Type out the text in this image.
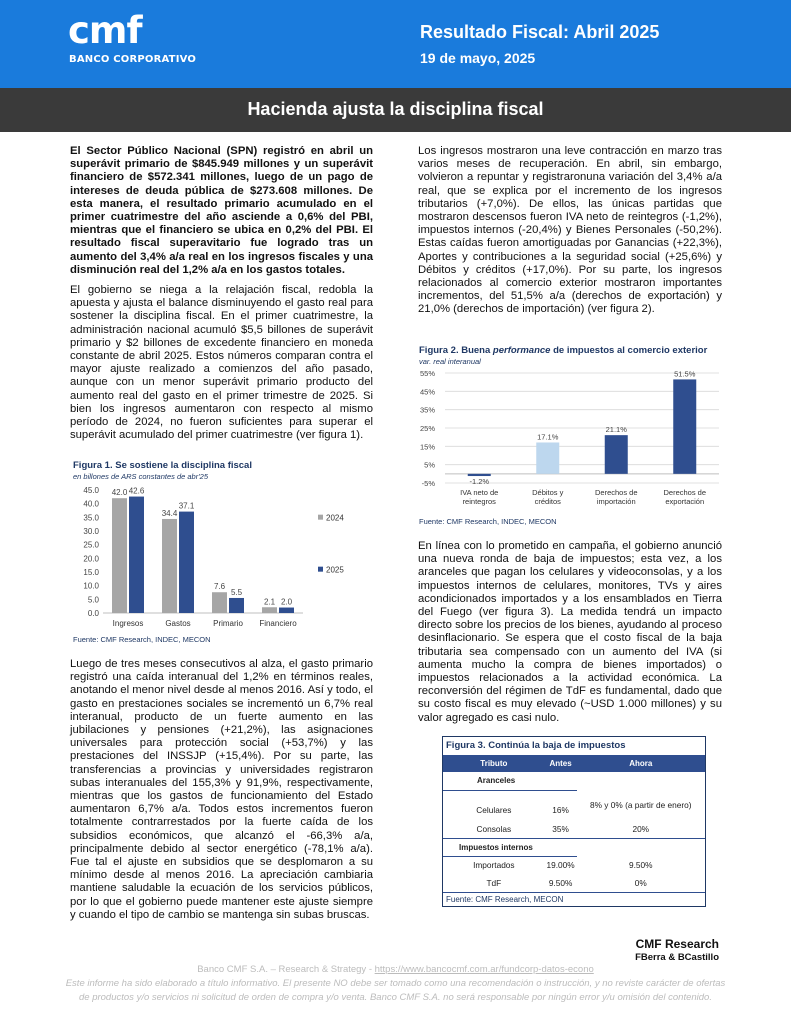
cmf
BANCO CORPORATIVO
Resultado Fiscal: Abril 2025
19 de mayo, 2025
Hacienda ajusta la disciplina fiscal

El Sector Público Nacional (SPN) registró en abril un superávit primario de $845.949 millones y un superávit financiero de $572.341 millones, luego de un pago de intereses de deuda pública de $273.608 millones. De esta manera, el resultado primario acumulado en el primer cuatrimestre del año asciende a 0,6% del PBI, mientras que el financiero se ubica en 0,2% del PBI. El resultado fiscal superavitario fue logrado tras un aumento del 3,4% a/a real en los ingresos fiscales y una disminución real del 1,2% a/a en los gastos totales.

El gobierno se niega a la relajación fiscal, redobla la apuesta y ajusta el balance disminuyendo el gasto real para sostener la disciplina fiscal. En el primer cuatrimestre, la administración nacional acumuló $5,5 billones de superávit primario y $2 billones de excedente financiero en moneda constante de abril 2025. Estos números comparan contra el mayor ajuste realizado a comienzos del año pasado, aunque con un menor superávit primario producto del aumento real del gasto en el primer trimestre de 2025. Si bien los ingresos aumentaron con respecto al mismo período de 2024, no fueron suficientes para superar el superávit acumulado del primer cuatrimestre (ver figura 1).

Figura 1. Se sostiene la disciplina fiscal
en billones de ARS constantes de abr'25
0.0
5.0
10.0
15.0
20.0
25.0
30.0
35.0
40.0
45.0 42.0 42.6
Ingresos
34.4
37.1
Gastos
7.6
5.5
Primario
2.1 2.0
Financiero
2024
2025
Fuente: CMF Research, INDEC, MECON

Luego de tres meses consecutivos al alza, el gasto primario registró una caída interanual del 1,2% en términos reales, anotando el menor nivel desde al menos 2016. Así y todo, el gasto en prestaciones sociales se incrementó un 6,7% real interanual, producto de un fuerte aumento en las jubilaciones y pensiones (+21,2%), las asignaciones universales para protección social (+53,7%) y las prestaciones del INSSJP (+15,4%). Por su parte, las transferencias a provincias y universidades registraron subas interanuales del 155,3% y 91,9%, respectivamente, mientras que los gastos de funcionamiento del Estado aumentaron 6,7% a/a. Todos estos incrementos fueron totalmente contrarrestados por la fuerte caída de los subsidios económicos, que alcanzó el -66,3% a/a, principalmente debido al sector energético (-78,1% a/a). Fue tal el ajuste en subsidios que se desplomaron a su mínimo desde al menos 2016. La apreciación cambiaria mantiene saludable la ecuación de los servicios públicos, por lo que el gobierno puede mantener este ajuste siempre y cuando el tipo de cambio se mantenga sin subas bruscas.

Los ingresos mostraron una leve contracción en marzo tras varios meses de recuperación. En abril, sin embargo, volvieron a repuntar y registraronuna variación del 3,4% a/a real, que se explica por el incremento de los ingresos tributarios (+7,0%). De ellos, las únicas partidas que mostraron descensos fueron IVA neto de reintegros (-1,2%), impuestos internos (-20,4%) y Bienes Personales (-50,2%). Estas caídas fueron amortiguadas por Ganancias (+22,3%), Aportes y contribuciones a la seguridad social (+25,6%) y Débitos y créditos (+17,0%). Por su parte, los ingresos relacionados al comercio exterior mostraron importantes incrementos, del 51,5% a/a (derechos de exportación) y 21,0% (derechos de importación) (ver figura 2).

Figura 2. Buena performance de impuestos al comercio exterior
var. real interanual
-5%
5%
15%
25%
35%
45%
55%
-1.2%
IVA neto de
reintegros
17.1%
Débitos y
créditos
21.1%
Derechos de
importación
51.5%
Derechos de
exportación
Fuente: CMF Research, INDEC, MECON

En línea con lo prometido en campaña, el gobierno anunció una nueva ronda de baja de impuestos; esta vez, a los aranceles que pagan los celulares y videoconsolas, y a los impuestos internos de celulares, monitores, TVs y aires acondicionados importados y a los ensamblados en Tierra del Fuego (ver figura 3). La medida tendrá un impacto directo sobre los precios de los bienes, ayudando al proceso desinflacionario. Se espera que el costo fiscal de la baja tributaria sea compensado con un aumento del IVA (si aumenta mucho la compra de bienes importados) o impuestos relacionados a la actividad económica. La reconversión del régimen de TdF es fundamental, dado que su costo fiscal es muy elevado (~USD 1.000 millones) y su valor agregado es casi nulo.

Figura 3. Continúa la baja de impuestos
Tributo	Antes	Ahora
Aranceles		
Celulares	16%	8% y 0% (a partir de enero)
Consolas	35%	20%
Impuestos internos		
Importados	19.00%	9.50%
TdF	9.50%	0%
Fuente: CMF Research, MECON
CMF Research
FBerra & BCastillo
Banco CMF S.A. – Research & Strategy - https://www.bancocmf.com.ar/fundcorp-datos-econo
Este informe ha sido elaborado a título informativo. El presente NO debe ser tomado como una recomendación o instrucción, y no reviste carácter de ofertas de productos y/o servicios ni solicitud de orden de compra y/o venta. Banco CMF S.A. no será responsable por ningún error y/u omisión del contenido.
